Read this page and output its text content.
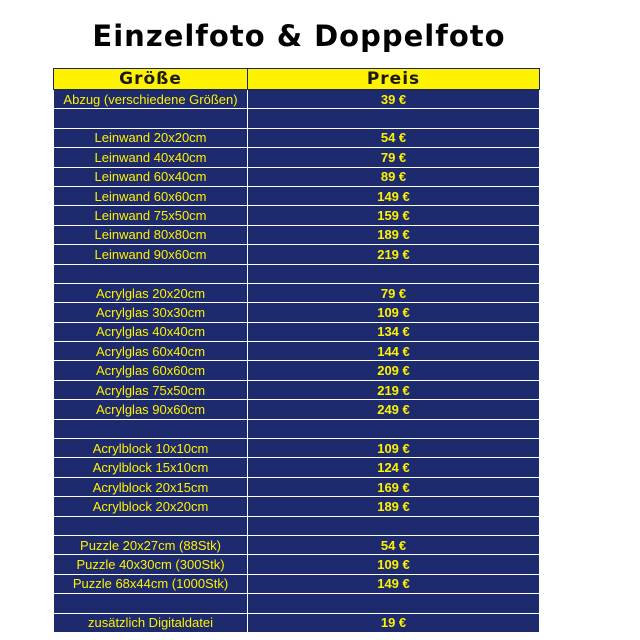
Einzelfoto & Doppelfoto
Größe	Preis
Abzug (verschiedene Größen)	39 €

Leinwand 20x20cm	54 €
Leinwand 40x40cm	79 €
Leinwand 60x40cm	89 €
Leinwand 60x60cm	149 €
Leinwand 75x50cm	159 €
Leinwand 80x80cm	189 €
Leinwand 90x60cm	219 €

Acrylglas 20x20cm	79 €
Acrylglas 30x30cm	109 €
Acrylglas 40x40cm	134 €
Acrylglas 60x40cm	144 €
Acrylglas 60x60cm	209 €
Acrylglas 75x50cm	219 €
Acrylglas 90x60cm	249 €

Acrylblock 10x10cm	109 €
Acrylblock 15x10cm	124 €
Acrylblock 20x15cm	169 €
Acrylblock 20x20cm	189 €

Puzzle 20x27cm (88Stk)	54 €
Puzzle 40x30cm (300Stk)	109 €
Puzzle 68x44cm (1000Stk)	149 €

zusätzlich Digitaldatei	19 €
